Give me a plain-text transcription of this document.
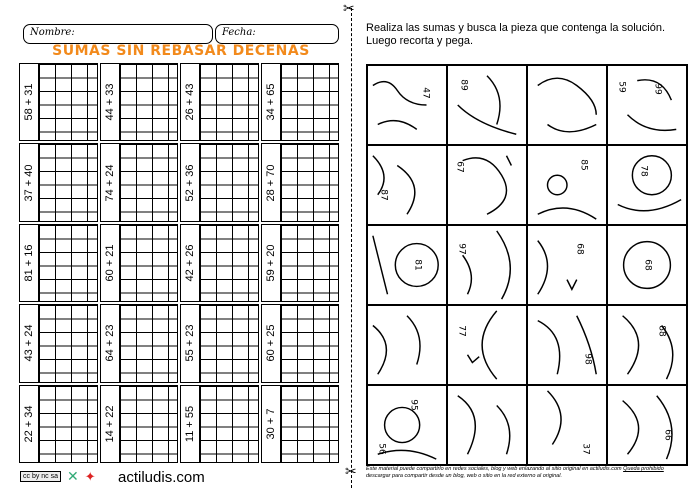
Nombre:	Fecha:
SUMAS SIN REBASAR DECENAS
58 + 31	44 + 33	26 + 43	34 + 65
37 + 40	74 + 24	52 + 36	28 + 70
81 + 16	60 + 21	42 + 26	59 + 20
43 + 24	64 + 23	55 + 23	60 + 25
22 + 34	14 + 22	11 + 55	30 + 7
✂
✂
Realiza las sumas y busca la pieza que contenga la solución. Luego recorta y pega.
47
89	99
59
87
67	85
78
81
97	68
68
77
98
88
56
95
37
66
cc by nc sa ✕ ✦ actiludis.com	Este material puede compartirlo en redes sociales, blog y web enlazando al sitio original en actiludis.com Queda prohibido descargar para compartir desde un blog, web o sitio en la red externo al original.
